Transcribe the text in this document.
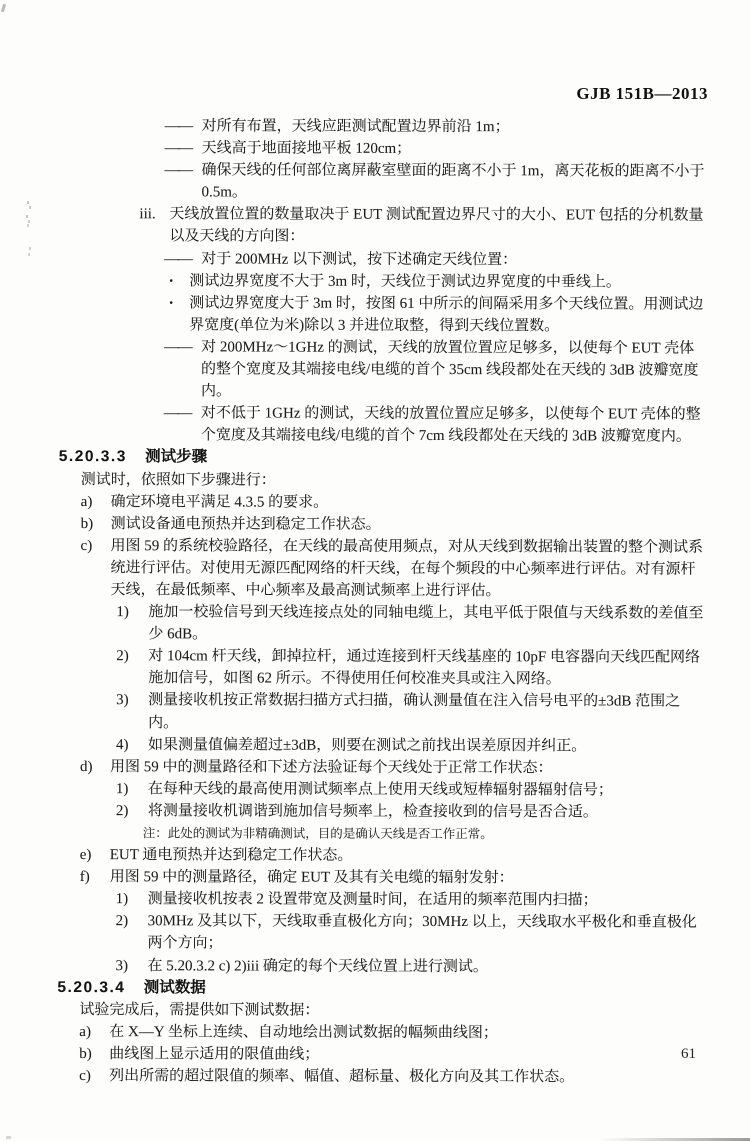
GJB 151B—2013
—— 对所有布置，天线应距测试配置边界前沿 1m；
—— 天线高于地面接地平板 120cm；
—— 确保天线的任何部位离屏蔽室壁面的距离不小于 1m，离天花板的距离不小于 0.5m。
iii. 天线放置位置的数量取决于 EUT 测试配置边界尺寸的大小、EUT 包括的分机数量以及天线的方向图：
—— 对于 200MHz 以下测试，按下述确定天线位置：
•	测试边界宽度不大于 3m 时，天线位于测试边界宽度的中垂线上。
•	测试边界宽度大于 3m 时，按图 61 中所示的间隔采用多个天线位置。用测试边界宽度(单位为米)除以 3 并进位取整，得到天线位置数。
—— 对 200MHz～1GHz 的测试，天线的放置位置应足够多，以使每个 EUT 壳体的整个宽度及其端接电线/电缆的首个 35cm 线段都处在天线的 3dB 波瓣宽度内。
—— 对不低于 1GHz 的测试，天线的放置位置应足够多，以使每个 EUT 壳体的整个宽度及其端接电线/电缆的首个 7cm 线段都处在天线的 3dB 波瓣宽度内。
5.20.3.3 测试步骤
测试时，依照如下步骤进行：
a)	确定环境电平满足 4.3.5 的要求。
b)	测试设备通电预热并达到稳定工作状态。
c)	用图 59 的系统校验路径，在天线的最高使用频点，对从天线到数据输出装置的整个测试系统进行评估。对使用无源匹配网络的杆天线，在每个频段的中心频率进行评估。对有源杆天线，在最低频率、中心频率及最高测试频率上进行评估。
1)	施加一校验信号到天线连接点处的同轴电缆上，其电平低于限值与天线系数的差值至少 6dB。
2)	对 104cm 杆天线，卸掉拉杆，通过连接到杆天线基座的 10pF 电容器向天线匹配网络施加信号，如图 62 所示。不得使用任何校准夹具或注入网络。
3)	测量接收机按正常数据扫描方式扫描，确认测量值在注入信号电平的±3dB 范围之内。
4)	如果测量值偏差超过±3dB，则要在测试之前找出误差原因并纠正。
d)	用图 59 中的测量路径和下述方法验证每个天线处于正常工作状态：
1)	在每种天线的最高使用测试频率点上使用天线或短棒辐射器辐射信号；
2)	将测量接收机调谐到施加信号频率上，检查接收到的信号是否合适。
注：此处的测试为非精确测试，目的是确认天线是否工作正常。
e)	EUT 通电预热并达到稳定工作状态。
f)	用图 59 中的测量路径，确定 EUT 及其有关电缆的辐射发射：
1)	测量接收机按表 2 设置带宽及测量时间，在适用的频率范围内扫描；
2)	30MHz 及其以下，天线取垂直极化方向；30MHz 以上，天线取水平极化和垂直极化两个方向；
3)	在 5.20.3.2 c) 2)iii 确定的每个天线位置上进行测试。
5.20.3.4 测试数据
试验完成后，需提供如下测试数据：
a)	在 X—Y 坐标上连续、自动地绘出测试数据的幅频曲线图；
b)	曲线图上显示适用的限值曲线；
c)	列出所需的超过限值的频率、幅值、超标量、极化方向及其工作状态。
61
